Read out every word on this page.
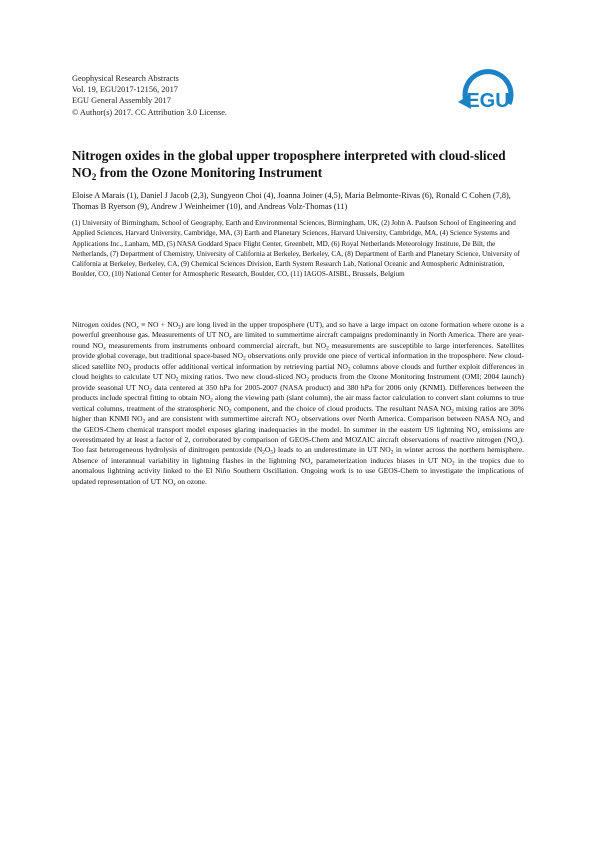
Geophysical Research Abstracts
Vol. 19, EGU2017-12156, 2017
EGU General Assembly 2017
© Author(s) 2017. CC Attribution 3.0 License.
EGU
Nitrogen oxides in the global upper troposphere interpreted with cloud-sliced $NO_2$ from the Ozone Monitoring Instrument
Eloise A Marais (1), Daniel J Jacob (2,3), Sungyeon Choi (4), Joanna Joiner (4,5), Maria Belmonte-Rivas (6), Ronald C Cohen (7,8), Thomas B Ryerson (9), Andrew J Weinheimer (10), and Andreas Volz-Thomas (11)
(1) University of Birmingham, School of Geography, Earth and Environmental Sciences, Birmingham, UK, (2) John A. Paulson School of Engineering and Applied Sciences, Harvard University, Cambridge, MA, (3) Earth and Planetary Sciences, Harvard University, Cambridge, MA, (4) Science Systems and Applications Inc., Lanham, MD, (5) NASA Goddard Space Flight Center, Greenbelt, MD, (6) Royal Netherlands Meteorology Institute, De Bilt, the Netherlands, (7) Department of Chemistry, University of California at Berkeley, Berkeley, CA, (8) Department of Earth and Planetary Science, University of California at Berkeley, Berkeley, CA, (9) Chemical Sciences Division, Earth System Research Lab, National Oceanic and Atmospheric Administration, Boulder, CO, (10) National Center for Atmospheric Research, Boulder, CO, (11) IAGOS-AISBL, Brussels, Belgium
Nitrogen oxides ($NO_x$ ≡ NO + $NO_2$) are long lived in the upper troposphere (UT), and so have a large impact on ozone formation where ozone is a powerful greenhouse gas. Measurements of UT $NO_x$ are limited to summertime aircraft campaigns predominantly in North America. There are year-round $NO_x$ measurements from instruments onboard commercial aircraft, but $NO_2$ measurements are susceptible to large interferences. Satellites provide global coverage, but traditional space-based $NO_2$ observations only provide one piece of vertical information in the troposphere. New cloud-sliced satellite $NO_2$ products offer additional vertical information by retrieving partial $NO_2$ columns above clouds and further exploit differences in cloud heights to calculate UT $NO_2$ mixing ratios. Two new cloud-sliced $NO_2$ products from the Ozone Monitoring Instrument (OMI; 2004 launch) provide seasonal UT $NO_2$ data centered at 350 hPa for 2005-2007 (NASA product) and 380 hPa for 2006 only (KNMI). Differences between the products include spectral fitting to obtain $NO_2$ along the viewing path (slant column), the air mass factor calculation to convert slant columns to true vertical columns, treatment of the stratospheric $NO_2$ component, and the choice of cloud products. The resultant NASA $NO_2$ mixing ratios are 30% higher than KNMI $NO_2$ and are consistent with summertime aircraft $NO_2$ observations over North America. Comparison between NASA $NO_2$ and the GEOS-Chem chemical transport model exposes glaring inadequacies in the model. In summer in the eastern US lightning $NO_x$ emissions are overestimated by at least a factor of 2, corroborated by comparison of GEOS-Chem and MOZAIC aircraft observations of reactive nitrogen $(NO_y)$. Too fast heterogeneous hydrolysis of dinitrogen pentoxide $(N_2O_5)$ leads to an underestimate in UT $NO_2$ in winter across the northern hemisphere. Absence of interannual variability in lightning flashes in the lightning $NO_x$ parameterization induces biases in UT $NO_2$ in the tropics due to anomalous lightning activity linked to the El Niño Southern Oscillation. Ongoing work is to use GEOS-Chem to investigate the implications of updated representation of UT $NO_x$ on ozone.
